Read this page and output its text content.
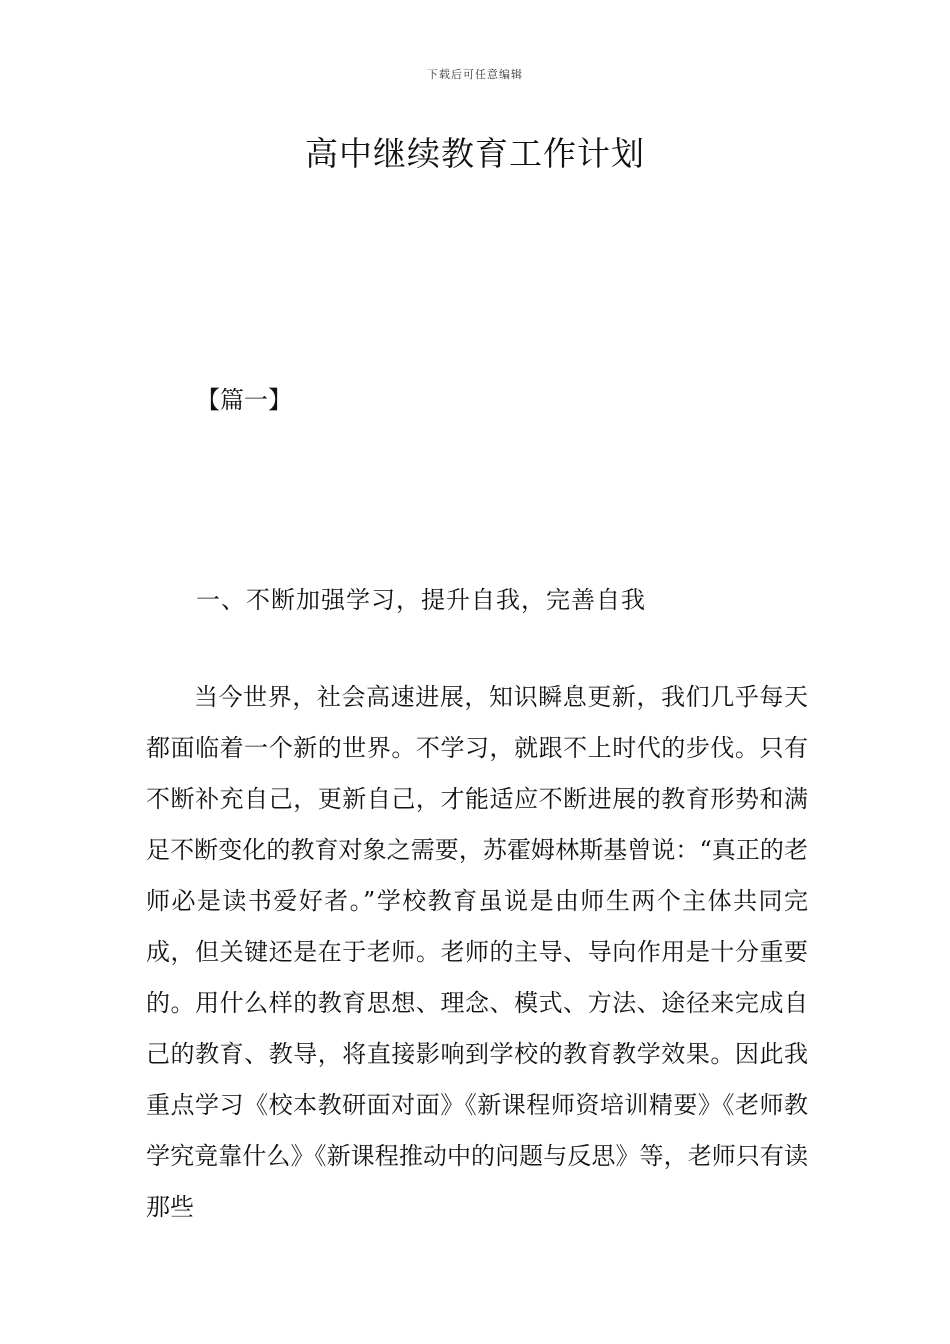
下载后可任意编辑
高中继续教育工作计划
【篇一】
一、不断加强学习，提升自我，完善自我

当今世界，社会高速进展，知识瞬息更新，我们几乎每天都面临着一个新的世界。不学习，就跟不上时代的步伐。只有不断补充自己，更新自己，才能适应不断进展的教育形势和满足不断变化的教育对象之需要，苏霍姆林斯基曾说：“真正的老师必是读书爱好者。”学校教育虽说是由师生两个主体共同完成，但关键还是在于老师。老师的主导、导向作用是十分重要的。用什么样的教育思想、理念、模式、方法、途径来完成自己的教育、教导，将直接影响到学校的教育教学效果。因此我重点学习《校本教研面对面》《新课程师资培训精要》《老师教学究竟靠什么》《新课程推动中的问题与反思》等，老师只有读那些
